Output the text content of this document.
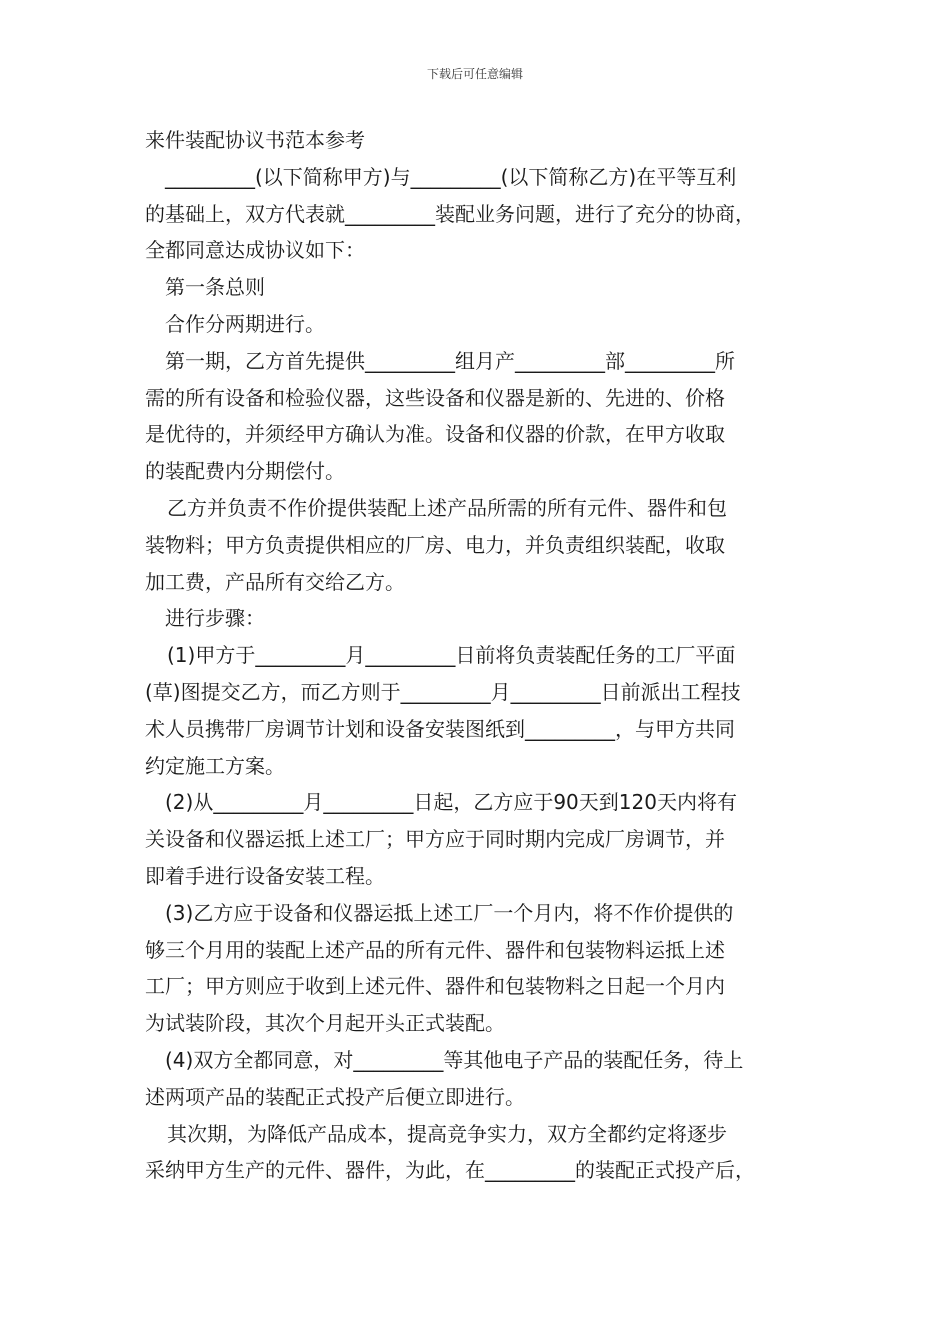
下载后可任意编辑

来件装配协议书范本参考

_________(以下简称甲方)与_________(以下简称乙方)在平等互利

的基础上，双方代表就_________装配业务问题，进行了充分的协商，

全都同意达成协议如下：

第一条总则

合作分两期进行。

第一期，乙方首先提供_________组月产_________部_________所

需的所有设备和检验仪器，这些设备和仪器是新的、先进的、价格

是优待的，并须经甲方确认为准。设备和仪器的价款，在甲方收取

的装配费内分期偿付。

乙方并负责不作价提供装配上述产品所需的所有元件、器件和包

装物料；甲方负责提供相应的厂房、电力，并负责组织装配，收取

加工费，产品所有交给乙方。

进行步骤：

(1)甲方于_________月_________日前将负责装配任务的工厂平面

(草)图提交乙方，而乙方则于_________月_________日前派出工程技

术人员携带厂房调节计划和设备安装图纸到_________，与甲方共同

约定施工方案。

(2)从_________月_________日起，乙方应于90天到120天内将有

关设备和仪器运抵上述工厂；甲方应于同时期内完成厂房调节，并

即着手进行设备安装工程。

(3)乙方应于设备和仪器运抵上述工厂一个月内，将不作价提供的

够三个月用的装配上述产品的所有元件、器件和包装物料运抵上述

工厂；甲方则应于收到上述元件、器件和包装物料之日起一个月内

为试装阶段，其次个月起开头正式装配。

(4)双方全都同意，对_________等其他电子产品的装配任务，待上

述两项产品的装配正式投产后便立即进行。

其次期，为降低产品成本，提高竞争实力，双方全都约定将逐步

采纳甲方生产的元件、器件，为此，在_________的装配正式投产后，
